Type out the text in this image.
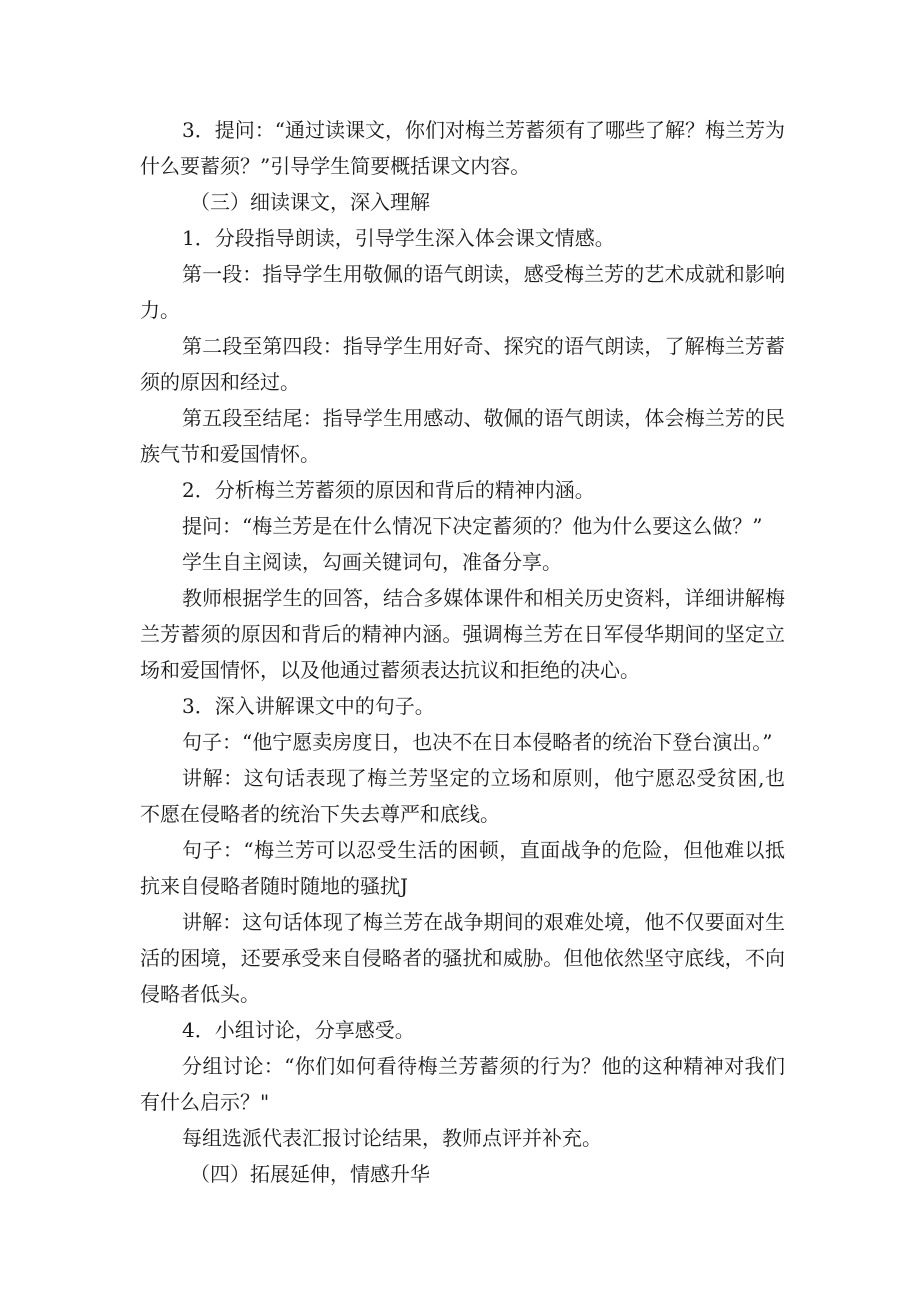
3．提问：“通过读课文，你们对梅兰芳蓄须有了哪些了解？梅兰芳为什么要蓄须？”引导学生简要概括课文内容。

（三）细读课文，深入理解

1．分段指导朗读，引导学生深入体会课文情感。

第一段：指导学生用敬佩的语气朗读，感受梅兰芳的艺术成就和影响力。

第二段至第四段：指导学生用好奇、探究的语气朗读，了解梅兰芳蓄须的原因和经过。

第五段至结尾：指导学生用感动、敬佩的语气朗读，体会梅兰芳的民族气节和爱国情怀。

2．分析梅兰芳蓄须的原因和背后的精神内涵。

提问：“梅兰芳是在什么情况下决定蓄须的？他为什么要这么做？”

学生自主阅读，勾画关键词句，准备分享。

教师根据学生的回答，结合多媒体课件和相关历史资料，详细讲解梅兰芳蓄须的原因和背后的精神内涵。强调梅兰芳在日军侵华期间的坚定立场和爱国情怀，以及他通过蓄须表达抗议和拒绝的决心。

3．深入讲解课文中的句子。

句子：“他宁愿卖房度日，也决不在日本侵略者的统治下登台演出。”

讲解：这句话表现了梅兰芳坚定的立场和原则，他宁愿忍受贫困,也不愿在侵略者的统治下失去尊严和底线。

句子：“梅兰芳可以忍受生活的困顿，直面战争的危险，但他难以抵抗来自侵略者随时随地的骚扰J

讲解：这句话体现了梅兰芳在战争期间的艰难处境，他不仅要面对生活的困境，还要承受来自侵略者的骚扰和威胁。但他依然坚守底线，不向侵略者低头。

4．小组讨论，分享感受。

分组讨论：“你们如何看待梅兰芳蓄须的行为？他的这种精神对我们有什么启示？"

每组选派代表汇报讨论结果，教师点评并补充。

（四）拓展延伸，情感升华
